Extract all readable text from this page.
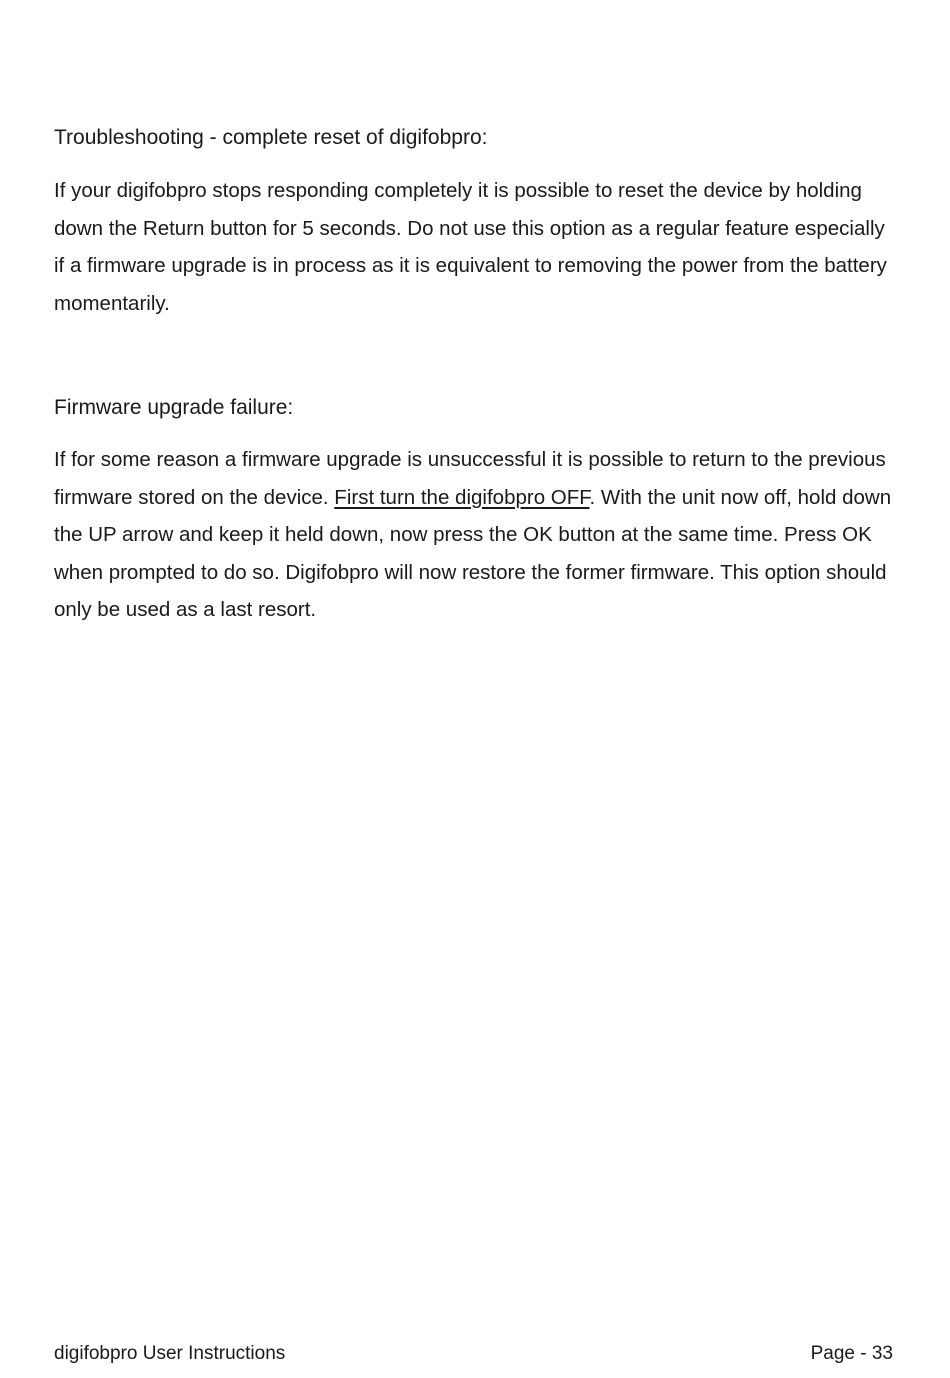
Troubleshooting - complete reset of digifobpro:

If your digifobpro stops responding completely it is possible to reset the device by holding down the Return button for 5 seconds. Do not use this option as a regular feature especially if a firmware upgrade is in process as it is equivalent to removing the power from the battery momentarily.

Firmware upgrade failure:

If for some reason a firmware upgrade is unsuccessful it is possible to return to the previous firmware stored on the device. First turn the digifobpro OFF. With the unit now off, hold down the UP arrow and keep it held down, now press the OK button at the same time. Press OK when prompted to do so. Digifobpro will now restore the former firmware. This option should only be used as a last resort.

digifobpro User Instructions	Page - 33
